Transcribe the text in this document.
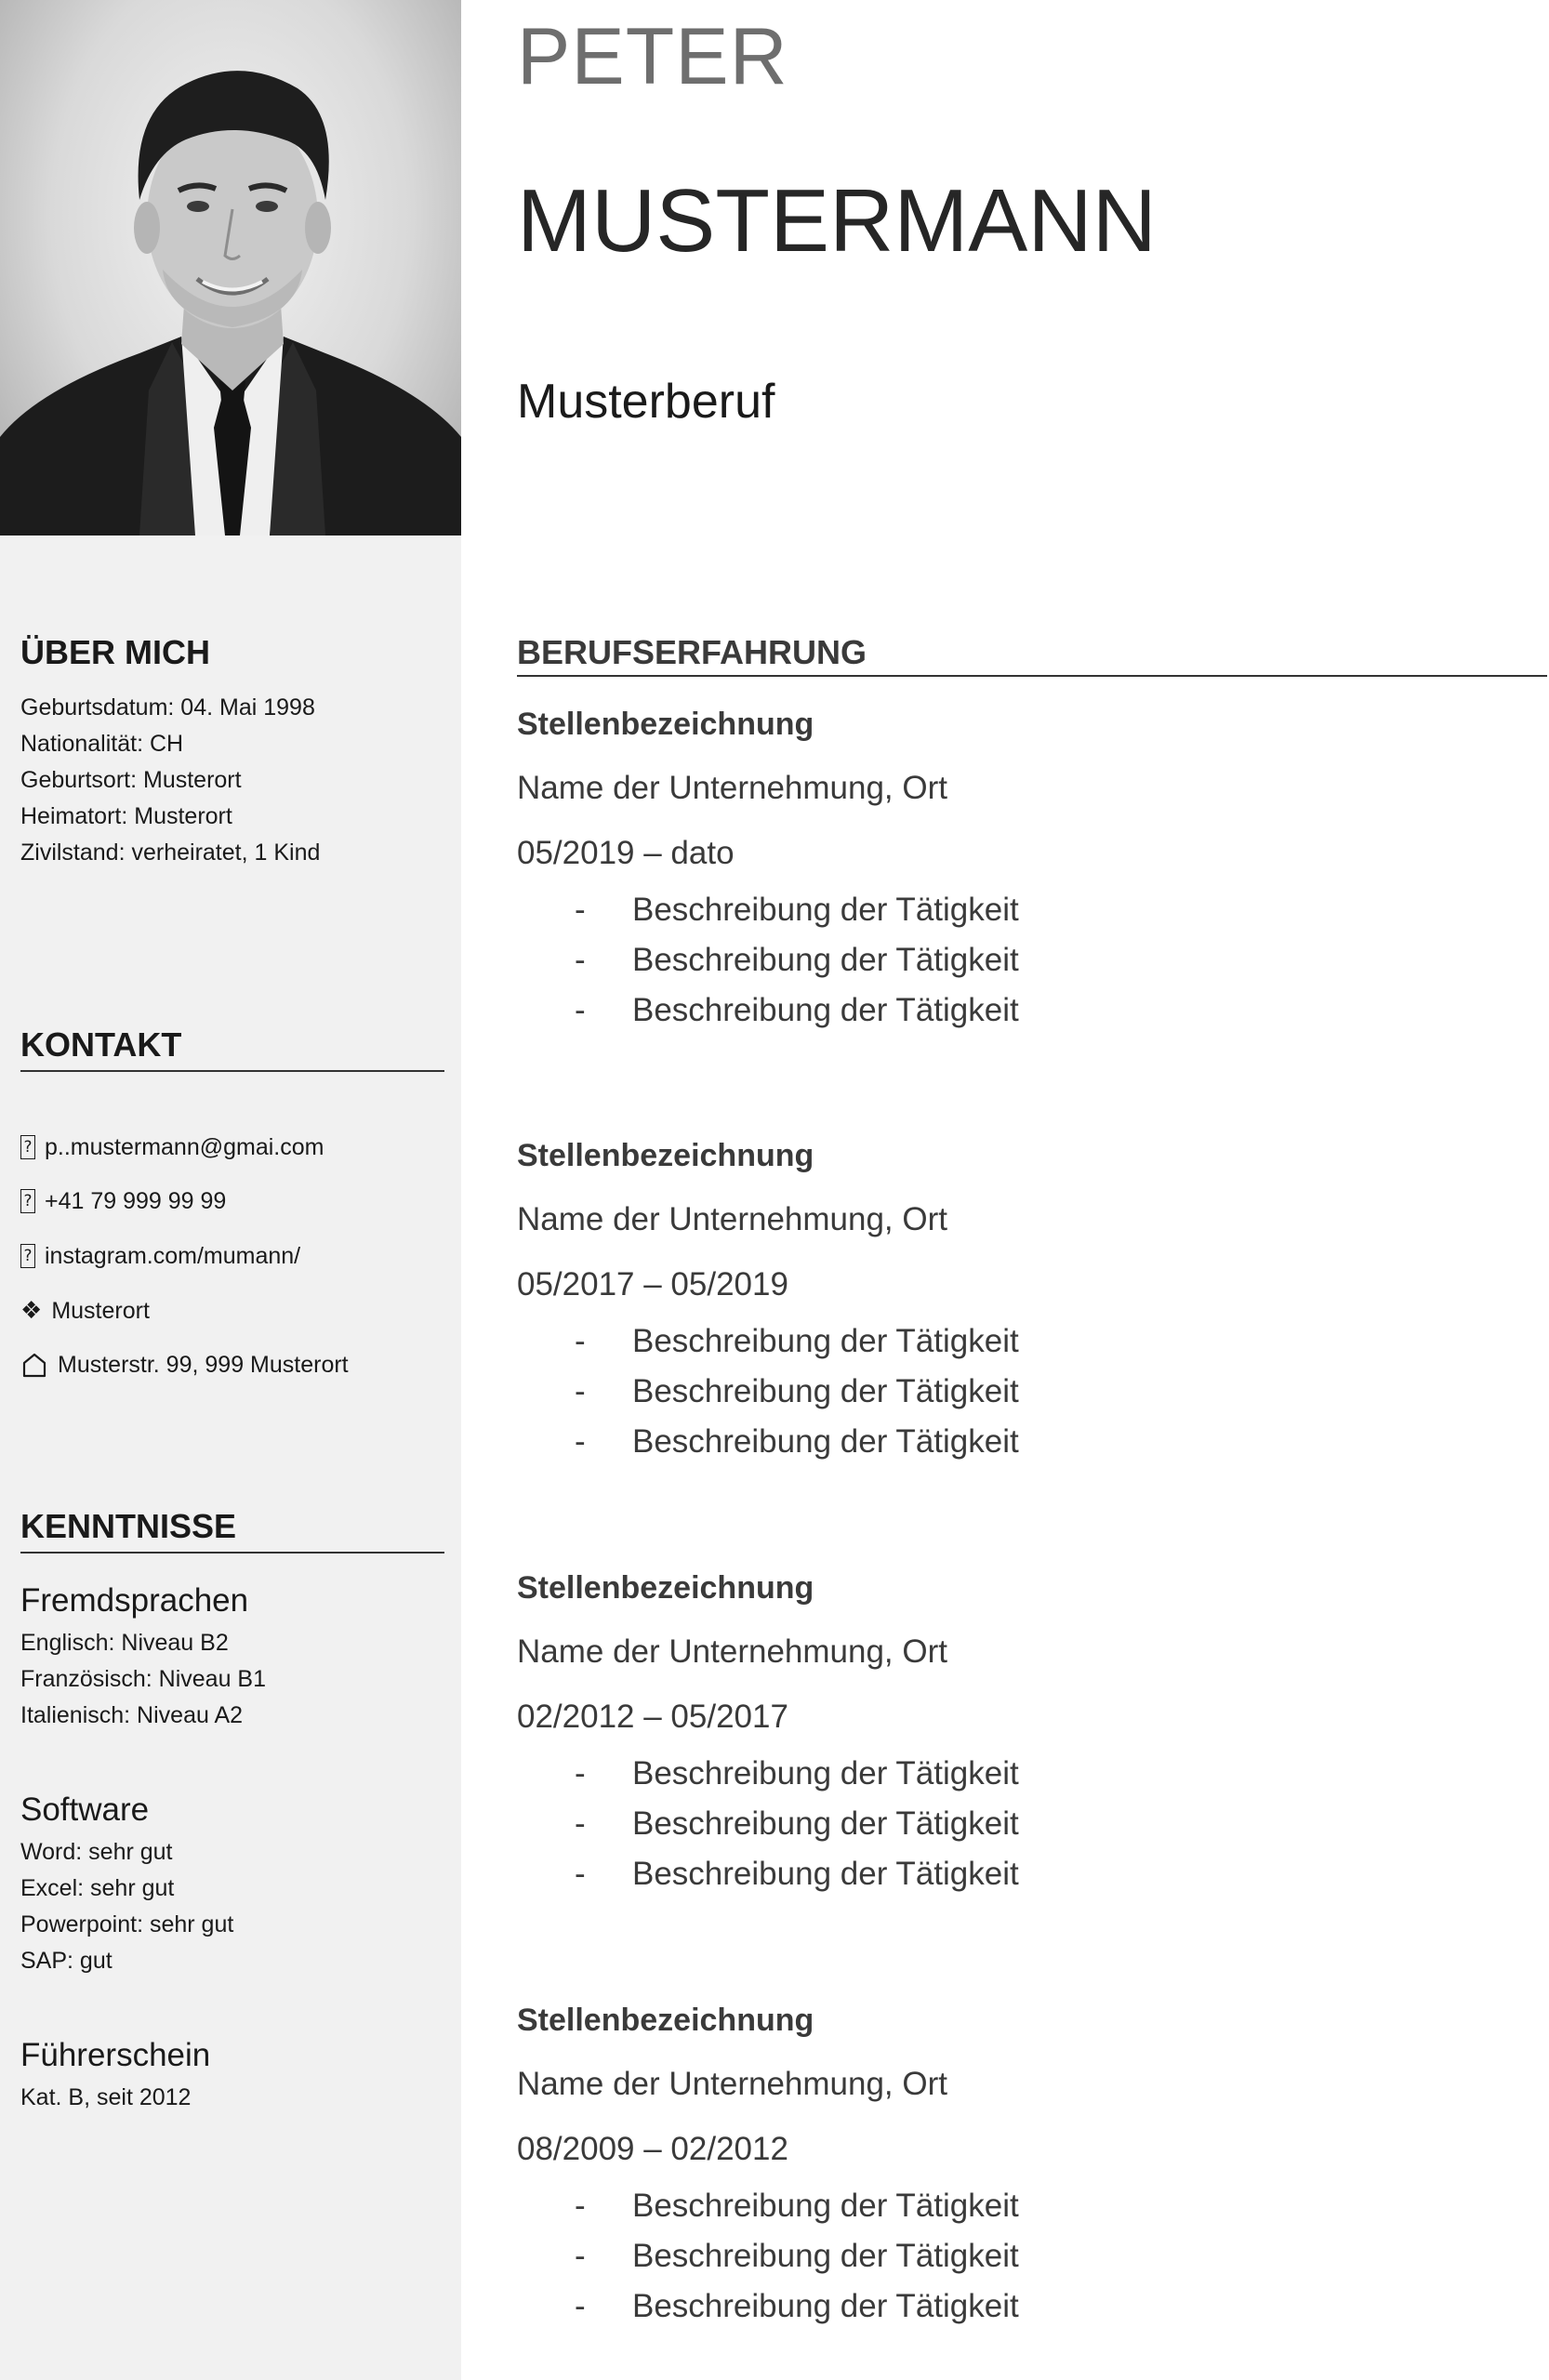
PETER
MUSTERMANN
Musterberuf
ÜBER MICH
Geburtsdatum: 04. Mai 1998
Nationalität: CH
Geburtsort: Musterort
Heimatort: Musterort
Zivilstand: verheiratet, 1 Kind
KONTAKT
? p..mustermann@gmai.com
? +41 79 999 99 99
? instagram.com/mumann/
❖ Musterort
Musterstr. 99, 999 Musterort
KENNTNISSE
Fremdsprachen
Englisch: Niveau B2
Französisch: Niveau B1
Italienisch: Niveau A2
Software
Word: sehr gut
Excel: sehr gut
Powerpoint: sehr gut
SAP: gut
Führerschein
Kat. B, seit 2012
BERUFSERFAHRUNG
Stellenbezeichnung
Name der Unternehmung, Ort
05/2019 – dato
-	Beschreibung der Tätigkeit
-	Beschreibung der Tätigkeit
-	Beschreibung der Tätigkeit
Stellenbezeichnung
Name der Unternehmung, Ort
05/2017 – 05/2019
-	Beschreibung der Tätigkeit
-	Beschreibung der Tätigkeit
-	Beschreibung der Tätigkeit
Stellenbezeichnung
Name der Unternehmung, Ort
02/2012 – 05/2017
-	Beschreibung der Tätigkeit
-	Beschreibung der Tätigkeit
-	Beschreibung der Tätigkeit
Stellenbezeichnung
Name der Unternehmung, Ort
08/2009 – 02/2012
-	Beschreibung der Tätigkeit
-	Beschreibung der Tätigkeit
-	Beschreibung der Tätigkeit
